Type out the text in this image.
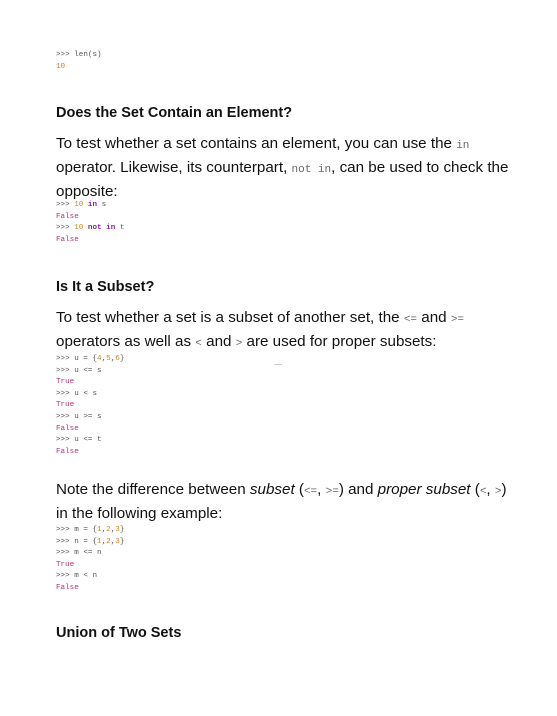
>>> len(s)
10
Does the Set Contain an Element?
To test whether a set contains an element, you can use the in operator. Likewise, its counterpart, not in, can be used to check the opposite:
>>> 10 in s
False
>>> 10 not in t
False
Is It a Subset?
To test whether a set is a subset of another set, the <= and >= operators as well as < and > are used for proper subsets:
>>> u = {4,5,6}
>>> u <= s
True
>>> u < s
True
>>> u >= s
False
>>> u <= t
False
Note the difference between subset (<=, >=) and proper subset (<, >) in the following example:
>>> m = {1,2,3}
>>> n = {1,2,3}
>>> m <= n
True
>>> m < n
False
Union of Two Sets
